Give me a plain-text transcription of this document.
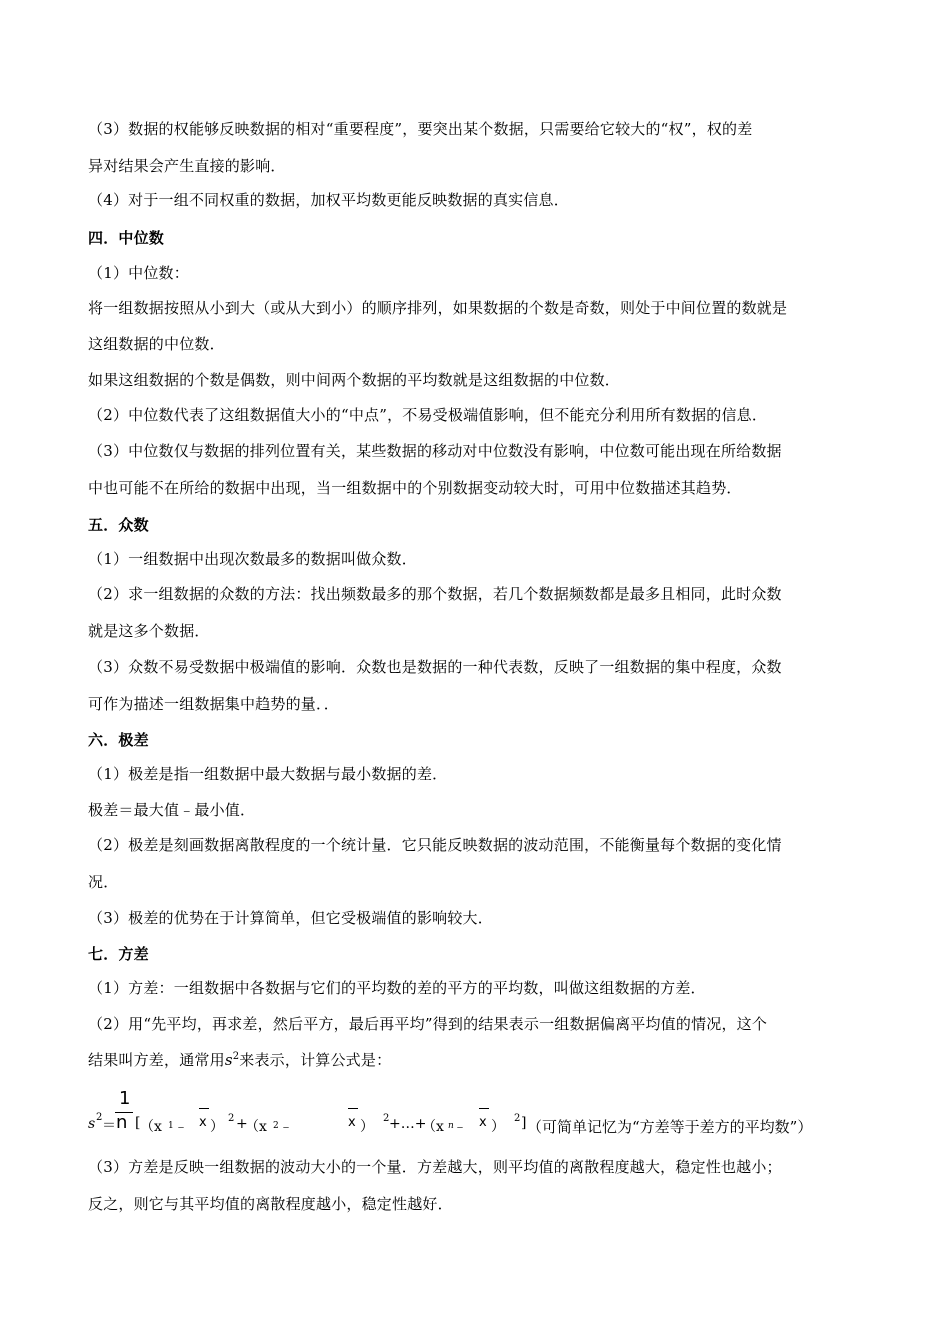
（3）数据的权能够反映数据的相对“重要程度”，要突出某个数据，只需要给它较大的“权”，权的差
异对结果会产生直接的影响．
（4）对于一组不同权重的数据，加权平均数更能反映数据的真实信息．
四．中位数
（1）中位数：
将一组数据按照从小到大（或从大到小）的顺序排列，如果数据的个数是奇数，则处于中间位置的数就是
这组数据的中位数．
如果这组数据的个数是偶数，则中间两个数据的平均数就是这组数据的中位数．
（2）中位数代表了这组数据值大小的“中点”，不易受极端值影响，但不能充分利用所有数据的信息．
（3）中位数仅与数据的排列位置有关，某些数据的移动对中位数没有影响，中位数可能出现在所给数据
中也可能不在所给的数据中出现，当一组数据中的个别数据变动较大时，可用中位数描述其趋势．
五．众数
（1）一组数据中出现次数最多的数据叫做众数．
（2）求一组数据的众数的方法：找出频数最多的那个数据，若几个数据频数都是最多且相同，此时众数
就是这多个数据．
（3）众数不易受数据中极端值的影响．众数也是数据的一种代表数，反映了一组数据的集中程度，众数
可作为描述一组数据集中趋势的量．．
六．极差
（1）极差是指一组数据中最大数据与最小数据的差．
极差＝最大值﹣最小值．
（2）极差是刻画数据离散程度的一个统计量．它只能反映数据的波动范围，不能衡量每个数据的变化情
况．
（3）极差的优势在于计算简单，但它受极端值的影响较大．
七．方差
（1）方差：一组数据中各数据与它们的平均数的差的平方的平均数，叫做这组数据的方差．
（2）用“先平均，再求差，然后平方，最后再平均”得到的结果表示一组数据偏离平均值的情况，这个
结果叫方差，通常用$s^2$来表示，计算公式是：
s 2
＝
1
n [ （x 1 ﹣ x ）
2 +
（x 2 ﹣	x ）
2 +…+
（x n ﹣ x ）
2 ] （可简单记忆为“方差等于差方的平均数”）
（3）方差是反映一组数据的波动大小的一个量．方差越大，则平均值的离散程度越大，稳定性也越小；
反之，则它与其平均值的离散程度越小，稳定性越好．
